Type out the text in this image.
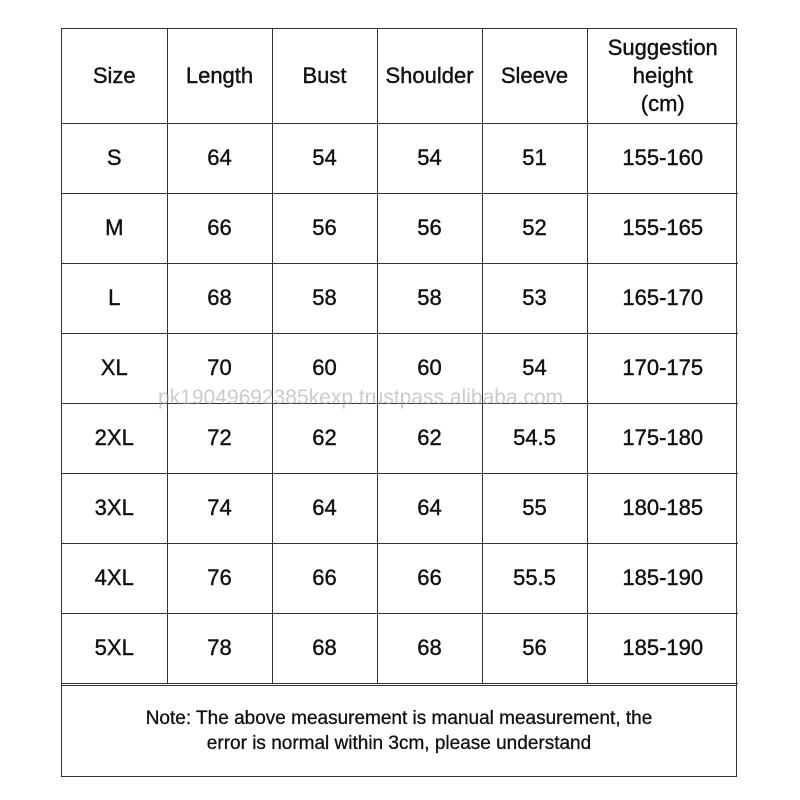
Size	Length	Bust	Shoulder	Sleeve	Suggestion
height
(cm)

S	64	54	54	51	155-160
M	66	56	56	52	155-165
L	68	58	58	53	165-170
XL	70	60	60	54	170-175
2XL	72	62	62	54.5	175-180
3XL	74	64	64	55	180-185
4XL	76	66	66	55.5	185-190
5XL	78	68	68	56	185-190
Note: The above measurement is manual measurement, the
error is normal within 3cm, please understand
pk19049692385kexp.trustpass.alibaba.com
